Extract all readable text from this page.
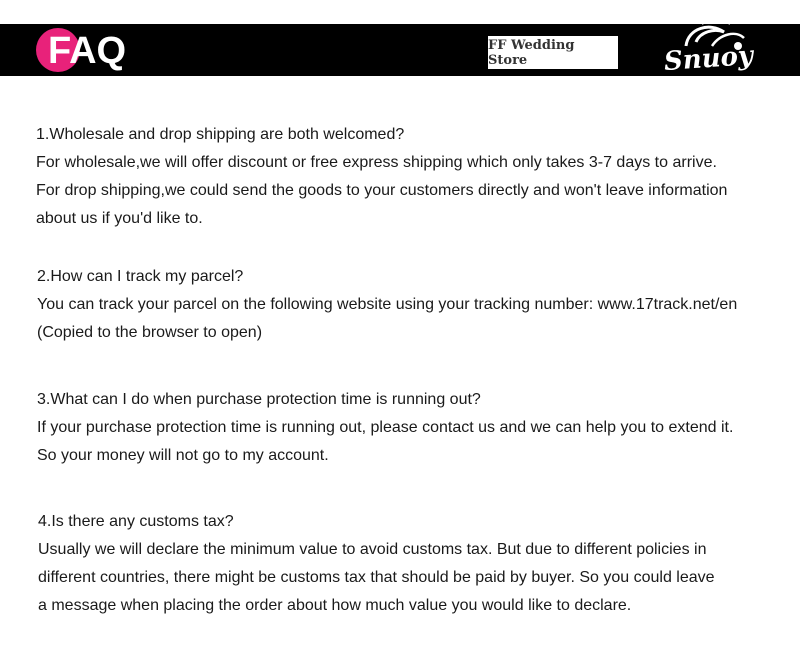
FAQ	FF Wedding Store	Snuoy
1.Wholesale and drop shipping are both welcomed?
For wholesale,we will offer discount or free express shipping which only takes 3-7 days to arrive.
For drop shipping,we could send the goods to your customers directly and won't leave information
about us if you'd like to.
2.How can I track my parcel?
You can track your parcel on the following website using your tracking number: www.17track.net/en
(Copied to the browser to open)
3.What can I do when purchase protection time is running out?
If your purchase protection time is running out, please contact us and we can help you to extend it.
So your money will not go to my account.
4.Is there any customs tax?
Usually we will declare the minimum value to avoid customs tax. But due to different policies in
different countries, there might be customs tax that should be paid by buyer. So you could leave
a message when placing the order about how much value you would like to declare.
